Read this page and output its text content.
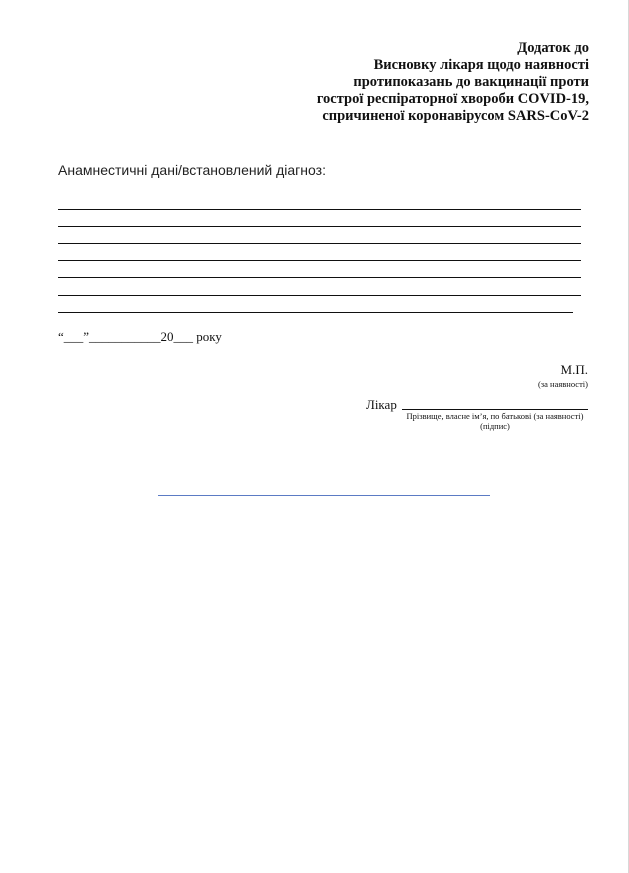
Додаток до
Висновку лікаря щодо наявності
протипоказань до вакцинації проти
гострої респіраторної хвороби COVID-19,
спричиненої коронавірусом SARS-CoV-2
Анамнестичні дані/встановлений діагноз:
“___”___________20___ року
М.П.
(за наявності)
Лікар
Прізвище, власне ім’я, по батькові (за наявності)
(підпис)
